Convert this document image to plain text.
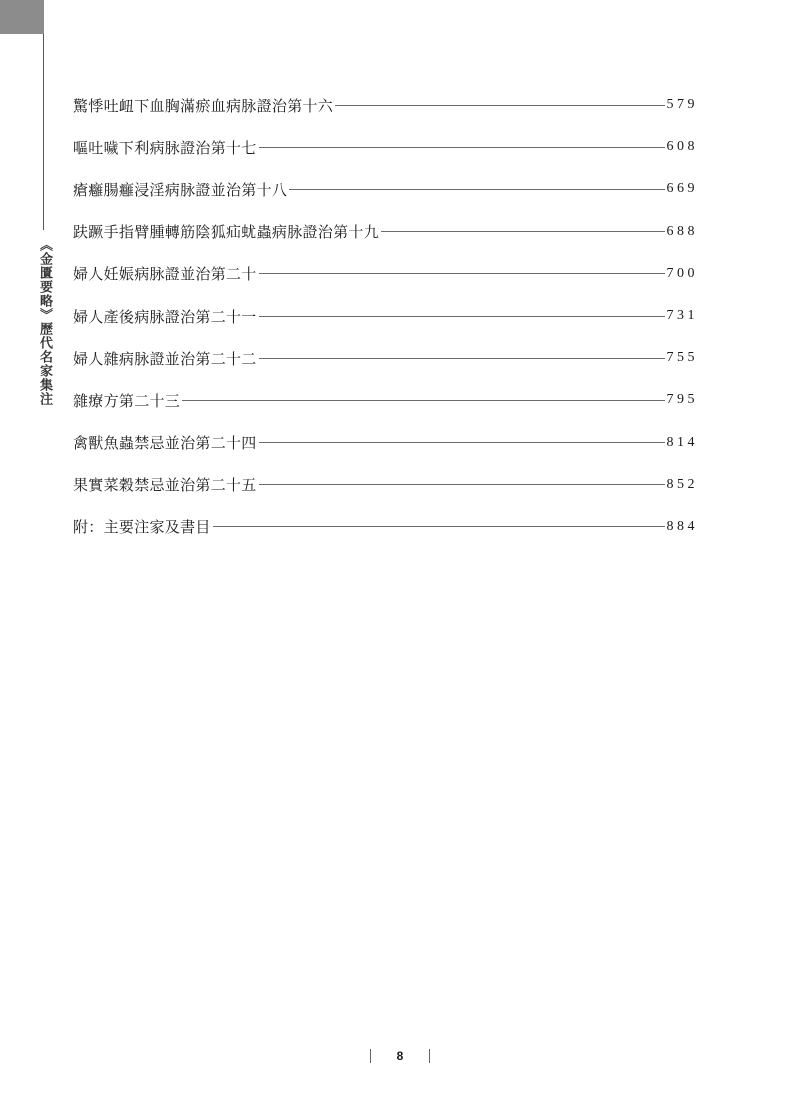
《金匱要略》歷代名家集注
驚悸吐衄下血胸滿瘀血病脉證治第十六	579
嘔吐噦下利病脉證治第十七	608
瘡癰腸癰浸淫病脉證並治第十八	669
趺蹶手指臂腫轉筋陰狐疝蚘蟲病脉證治第十九	688
婦人妊娠病脉證並治第二十	700
婦人產後病脉證治第二十一	731
婦人雜病脉證並治第二十二	755
雜療方第二十三	795
禽獸魚蟲禁忌並治第二十四	814
果實菜穀禁忌並治第二十五	852
附：主要注家及書目	884
8
